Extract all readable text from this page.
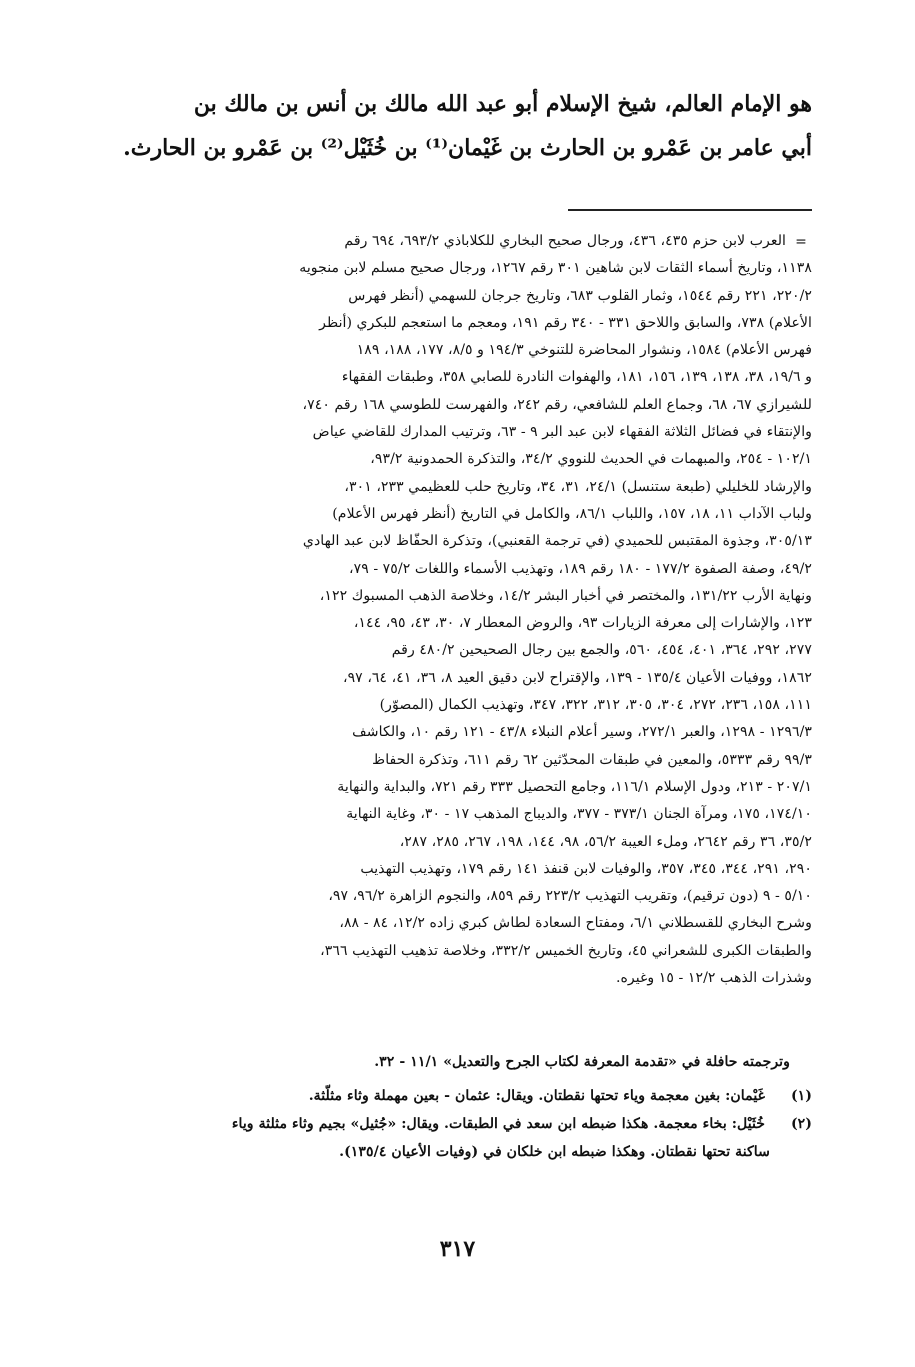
هو الإمام العالم، شيخ الإسلام أبو عبد الله مالك بن أنس بن مالك بن
أبي عامر بن عَمْرو بن الحارث بن غَيْمان⁽¹⁾ بن خُثَيْل⁽²⁾ بن عَمْرو بن الحارث.
=
العرب لابن حزم ٤٣٥، ٤٣٦، ورجال صحيح البخاري للكلاباذي ٦٩٣/٢، ٦٩٤ رقم
١١٣٨، وتاريخ أسماء الثقات لابن شاهين ٣٠١ رقم ١٢٦٧، ورجال صحيح مسلم لابن منجويه
٢٢٠/٢، ٢٢١ رقم ١٥٤٤، وثمار القلوب ٦٨٣، وتاريخ جرجان للسهمي (أنظر فهرس
الأعلام) ٧٣٨، والسابق واللاحق ٣٣١ - ٣٤٠ رقم ١٩١، ومعجم ما استعجم للبكري (أنظر
فهرس الأعلام) ١٥٨٤، ونشوار المحاضرة للتنوخي ١٩٤/٣ و ٨/٥، ١٧٧، ١٨٨، ١٨٩
و ١٩/٦، ٣٨، ١٣٨، ١٣٩، ١٥٦، ١٨١، والهفوات النادرة للصابي ٣٥٨، وطبقات الفقهاء
للشيرازي ٦٧، ٦٨، وجماع العلم للشافعي، رقم ٢٤٢، والفهرست للطوسي ١٦٨ رقم ٧٤٠،
والإنتقاء في فضائل الثلاثة الفقهاء لابن عبد البر ٩ - ٦٣، وترتيب المدارك للقاضي عياض
١٠٢/١ - ٢٥٤، والمبهمات في الحديث للنووي ٣٤/٢، والتذكرة الحمدونية ٩٣/٢،
والإرشاد للخليلي (طبعة ستنسل) ٢٤/١، ٣١، ٣٤، وتاريخ حلب للعظيمي ٢٣٣، ٣٠١،
ولباب الآداب ١١، ١٨، ١٥٧، واللباب ٨٦/١، والكامل في التاريخ (أنظر فهرس الأعلام)
٣٠٥/١٣، وجذوة المقتبس للحميدي (في ترجمة القعنبي)، وتذكرة الحفّاظ لابن عبد الهادي
٤٩/٢، وصفة الصفوة ١٧٧/٢ - ١٨٠ رقم ١٨٩، وتهذيب الأسماء واللغات ٧٥/٢ - ٧٩،
ونهاية الأرب ١٣١/٢٢، والمختصر في أخبار البشر ١٤/٢، وخلاصة الذهب المسبوك ١٢٢،
١٢٣، والإشارات إلى معرفة الزيارات ٩٣، والروض المعطار ٧، ٣٠، ٤٣، ٩٥، ١٤٤،
٢٧٧، ٢٩٢، ٣٦٤، ٤٠١، ٤٥٤، ٥٦٠، والجمع بين رجال الصحيحين ٤٨٠/٢ رقم
١٨٦٢، ووفيات الأعيان ١٣٥/٤ - ١٣٩، والإقتراح لابن دقيق العيد ٨، ٣٦، ٤١، ٦٤، ٩٧،
١١١، ١٥٨، ٢٣٦، ٢٧٢، ٣٠٤، ٣٠٥، ٣١٢، ٣٢٢، ٣٤٧، وتهذيب الكمال (المصوّر)
١٢٩٦/٣ - ١٢٩٨، والعبر ٢٧٢/١، وسير أعلام النبلاء ٤٣/٨ - ١٢١ رقم ١٠، والكاشف
٩٩/٣ رقم ٥٣٣٣، والمعين في طبقات المحدّثين ٦٢ رقم ٦١١، وتذكرة الحفاظ
٢٠٧/١ - ٢١٣، ودول الإسلام ١١٦/١، وجامع التحصيل ٣٣٣ رقم ٧٢١، والبداية والنهاية
١٧٤/١٠، ١٧٥، ومرآة الجنان ٣٧٣/١ - ٣٧٧، والديباج المذهب ١٧ - ٣٠، وغاية النهاية
٣٥/٢، ٣٦ رقم ٢٦٤٢، وملء العيبة ٥٦/٢، ٩٨، ١٤٤، ١٩٨، ٢٦٧، ٢٨٥، ٢٨٧،
٢٩٠، ٢٩١، ٣٤٤، ٣٤٥، ٣٥٧، والوفيات لابن قنفذ ١٤١ رقم ١٧٩، وتهذيب التهذيب
٥/١٠ - ٩ (دون ترقيم)، وتقريب التهذيب ٢٢٣/٢ رقم ٨٥٩، والنجوم الزاهرة ٩٦/٢، ٩٧،
وشرح البخاري للقسطلاني ٦/١، ومفتاح السعادة لطاش كبري زاده ١٢/٢، ٨٤ - ٨٨،
والطبقات الكبرى للشعراني ٤٥، وتاريخ الخميس ٣٣٢/٢، وخلاصة تذهيب التهذيب ٣٦٦،
وشذرات الذهب ١٢/٢ - ١٥ وغيره.
وترجمته حافلة في «تقدمة المعرفة لكتاب الجرح والتعديل» ١١/١ - ٣٢.
(١) غَيْمان: بغين معجمة وياء تحتها نقطتان. ويقال: عثمان - بعين مهملة وثاء مثلّثة.
(٢) خُثَيْل: بخاء معجمة. هكذا ضبطه ابن سعد في الطبقات. ويقال: «جُثيل» بجيم وثاء مثلثة وياء
ساكنة تحتها نقطتان. وهكذا ضبطه ابن خلكان في (وفيات الأعيان ١٣٥/٤).
٣١٧
